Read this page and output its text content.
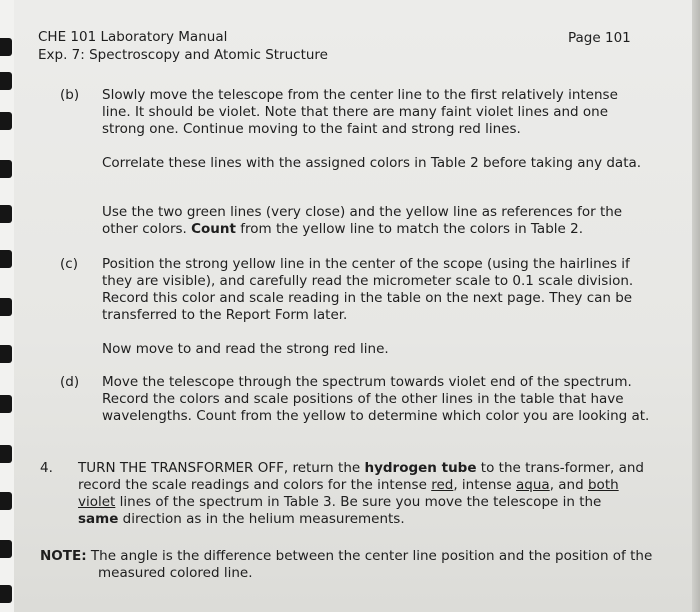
CHE 101 Laboratory Manual
Exp. 7: Spectroscopy and Atomic Structure
Page 101
(b) Slowly move the telescope from the center line to the first relatively intense line. It should be violet. Note that there are many faint violet lines and one strong one. Continue moving to the faint and strong red lines.
Correlate these lines with the assigned colors in Table 2 before taking any data.
Use the two green lines (very close) and the yellow line as references for the other colors. Count from the yellow line to match the colors in Table 2.
(c) Position the strong yellow line in the center of the scope (using the hairlines if they are visible), and carefully read the micrometer scale to 0.1 scale division. Record this color and scale reading in the table on the next page. They can be transferred to the Report Form later.
Now move to and read the strong red line.
(d) Move the telescope through the spectrum towards violet end of the spectrum. Record the colors and scale positions of the other lines in the table that have wavelengths. Count from the yellow to determine which color you are looking at.
4. TURN THE TRANSFORMER OFF, return the hydrogen tube to the trans-former, and record the scale readings and colors for the intense red, intense aqua, and both violet lines of the spectrum in Table 3. Be sure you move the telescope in the same direction as in the helium measurements.
NOTE: The angle is the difference between the center line position and the position of the measured colored line.
